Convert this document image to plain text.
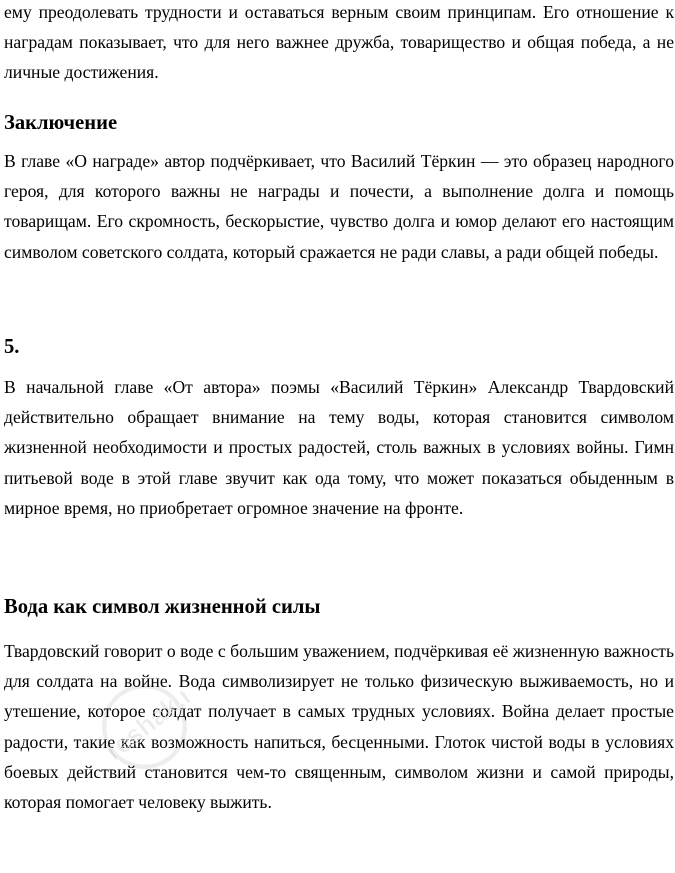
ему преодолевать трудности и оставаться верным своим принципам. Его отношение к наградам показывает, что для него важнее дружба, товарищество и общая победа, а не личные достижения.

Заключение

В главе «О награде» автор подчёркивает, что Василий Тёркин — это образец народного героя, для которого важны не награды и почести, а выполнение долга и помощь товарищам. Его скромность, бескорыстие, чувство долга и юмор делают его настоящим символом советского солдата, который сражается не ради славы, а ради общей победы.

5.

В начальной главе «От автора» поэмы «Василий Тёркин» Александр Твардовский действительно обращает внимание на тему воды, которая становится символом жизненной необходимости и простых радостей, столь важных в условиях войны. Гимн питьевой воде в этой главе звучит как ода тому, что может показаться обыденным в мирное время, но приобретает огромное значение на фронте.

Вода как символ жизненной силы

Твардовский говорит о воде с большим уважением, подчёркивая её жизненную важность для солдата на войне. Вода символизирует не только физическую выживаемость, но и утешение, которое солдат получает в самых трудных условиях. Война делает простые радости, такие как возможность напиться, бесценными. Глоток чистой воды в условиях боевых действий становится чем-то священным, символом жизни и самой природы, которая помогает человеку выжить.

reshak.ru
